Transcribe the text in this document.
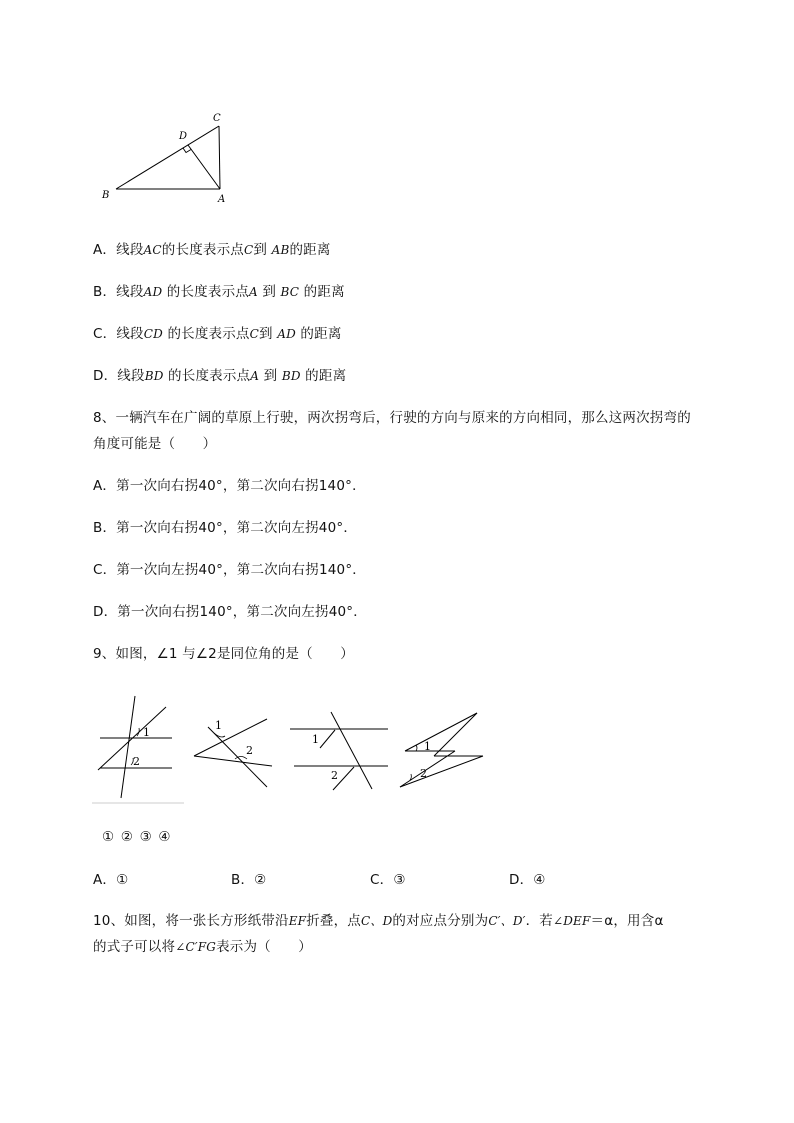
B
C
D
A
A．线段AC的长度表示点C到 AB的距离
B．线段AD 的长度表示点A 到 BC 的距离
C．线段CD 的长度表示点C到 AD 的距离
D．线段BD 的长度表示点A 到 BD 的距离
8、一辆汽车在广阔的草原上行驶，两次拐弯后，行驶的方向与原来的方向相同，那么这两次拐弯的
角度可能是（　　）
A．第一次向右拐40°，第二次向右拐140°．
B．第一次向右拐40°，第二次向左拐40°．
C．第一次向左拐40°，第二次向右拐140°．
D．第一次向右拐140°，第二次向左拐40°．
9、如图，∠1 与∠2是同位角的是（　　）
1
2
1
2
1
2
1
2
① ② ③ ④
A．①	B．②	C．③	D．④
10、如图，将一张长方形纸带沿EF折叠，点C、D的对应点分别为C′、D′．若∠DEF＝α，用含α
的式子可以将∠C′FG表示为（　　）
